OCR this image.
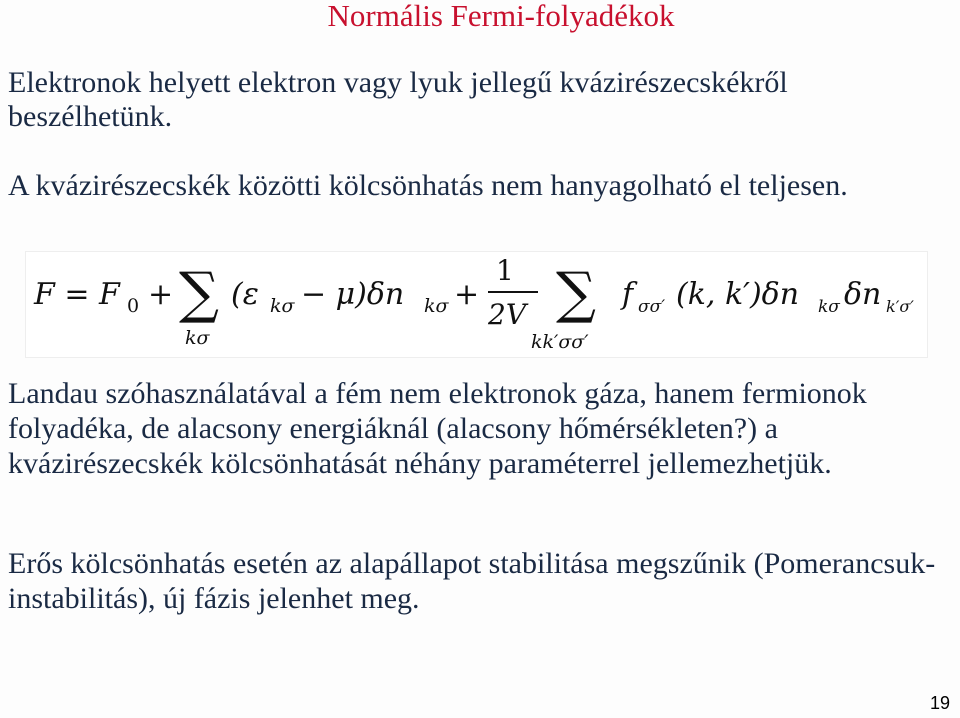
Normális Fermi-folyadékok
Elektronok helyett elektron vagy lyuk jellegű kvázirészecskékről beszélhetünk.
A kvázirészecskék közötti kölcsönhatás nem hanyagolható el teljesen.
F = F 0 + ∑
kσ
(ε kσ − μ)δn kσ +
1
2V ∑
kk′σσ′
f σσ′ (k, k′)δn kσ δn k′σ′
Landau szóhasználatával a fém nem elektronok gáza, hanem fermionok folyadéka, de alacsony energiáknál (alacsony hőmérsékleten?) a kvázirészecskék kölcsönhatását néhány paraméterrel jellemezhetjük.
Erős kölcsönhatás esetén az alapállapot stabilitása megszűnik (Pomerancsuk-instabilitás), új fázis jelenhet meg.
19
